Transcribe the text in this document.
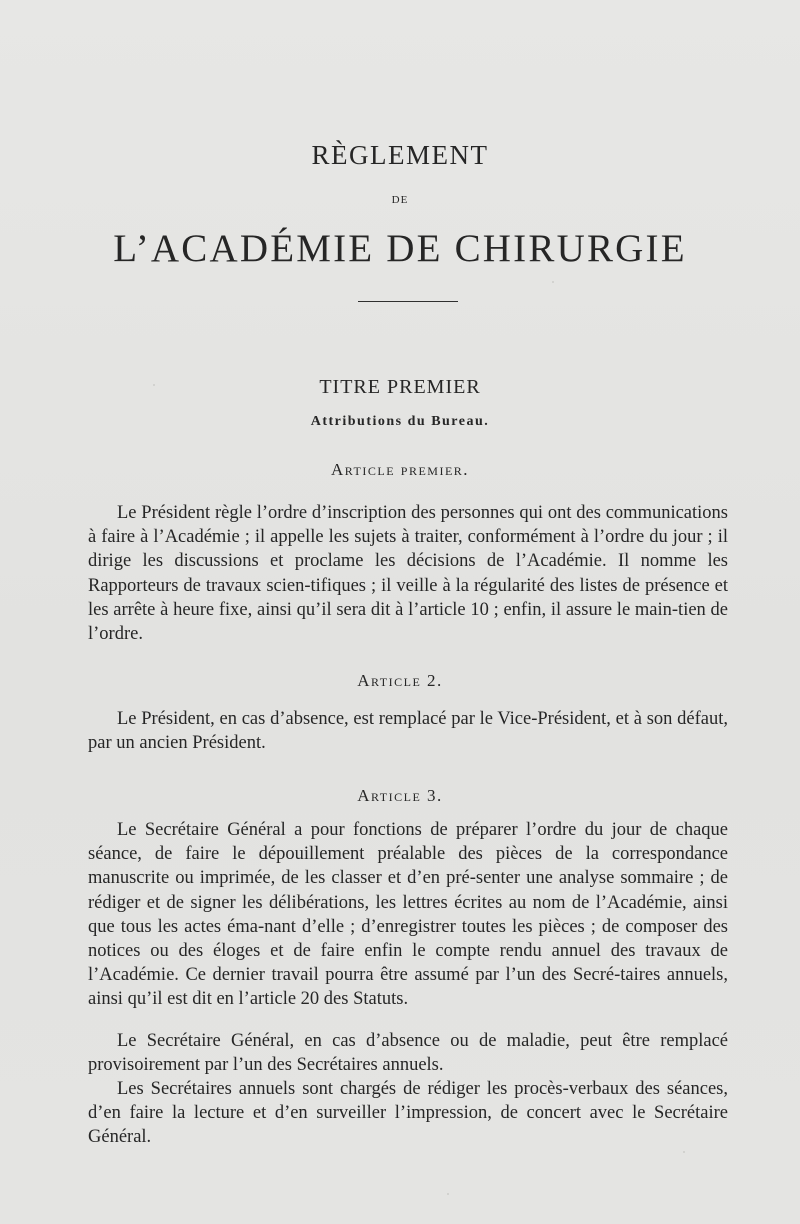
RÈGLEMENT
DE
L’ACADÉMIE DE CHIRURGIE
TITRE PREMIER
Attributions du Bureau.
Article premier.

Le Président règle l’ordre d’inscription des personnes qui ont des communications à faire à l’Académie ; il appelle les sujets à traiter, conformément à l’ordre du jour ; il dirige les discussions et proclame les décisions de l’Académie. Il nomme les Rapporteurs de travaux scien-tifiques ; il veille à la régularité des listes de présence et les arrête à heure fixe, ainsi qu’il sera dit à l’article 10 ; enfin, il assure le main-tien de l’ordre.

Article 2.

Le Président, en cas d’absence, est remplacé par le Vice-Président, et à son défaut, par un ancien Président.

Article 3.

Le Secrétaire Général a pour fonctions de préparer l’ordre du jour de chaque séance, de faire le dépouillement préalable des pièces de la correspondance manuscrite ou imprimée, de les classer et d’en pré-senter une analyse sommaire ; de rédiger et de signer les délibérations, les lettres écrites au nom de l’Académie, ainsi que tous les actes éma-nant d’elle ; d’enregistrer toutes les pièces ; de composer des notices ou des éloges et de faire enfin le compte rendu annuel des travaux de l’Académie. Ce dernier travail pourra être assumé par l’un des Secré-taires annuels, ainsi qu’il est dit en l’article 20 des Statuts.

Le Secrétaire Général, en cas d’absence ou de maladie, peut être remplacé provisoirement par l’un des Secrétaires annuels.

Les Secrétaires annuels sont chargés de rédiger les procès-verbaux des séances, d’en faire la lecture et d’en surveiller l’impression, de concert avec le Secrétaire Général.
